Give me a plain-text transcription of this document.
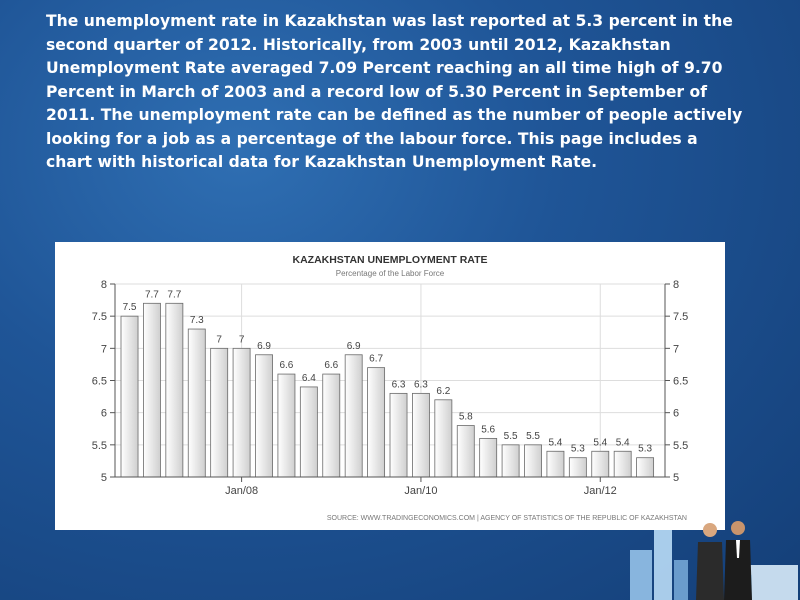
The unemployment rate in Kazakhstan was last reported at 5.3 percent in the second quarter of 2012. Historically, from 2003 until 2012, Kazakhstan Unemployment Rate averaged 7.09 Percent reaching an all time high of 9.70 Percent in March of 2003 and a record low of 5.30 Percent in September of 2011. The unemployment rate can be defined as the number of people actively looking for a job as a percentage of the labour force. This page includes a chart with historical data for Kazakhstan Unemployment Rate.

KAZAKHSTAN UNEMPLOYMENT RATE
Percentage of the Labor Force
7.5
7.7 7.7
7.3
7 7
6.9
6.6
6.4
6.6
6.9
6.7
6.3 6.3
6.2
5.8
5.6
5.5 5.5
5.4
5.3
5.4 5.4
5.3
5	5
5.5	5.5
6	6
6.5	6.5
7	7
7.5	7.5
8	8
Jan/08	Jan/10	Jan/12
SOURCE: WWW.TRADINGECONOMICS.COM | AGENCY OF STATISTICS OF THE REPUBLIC OF KAZAKHSTAN
